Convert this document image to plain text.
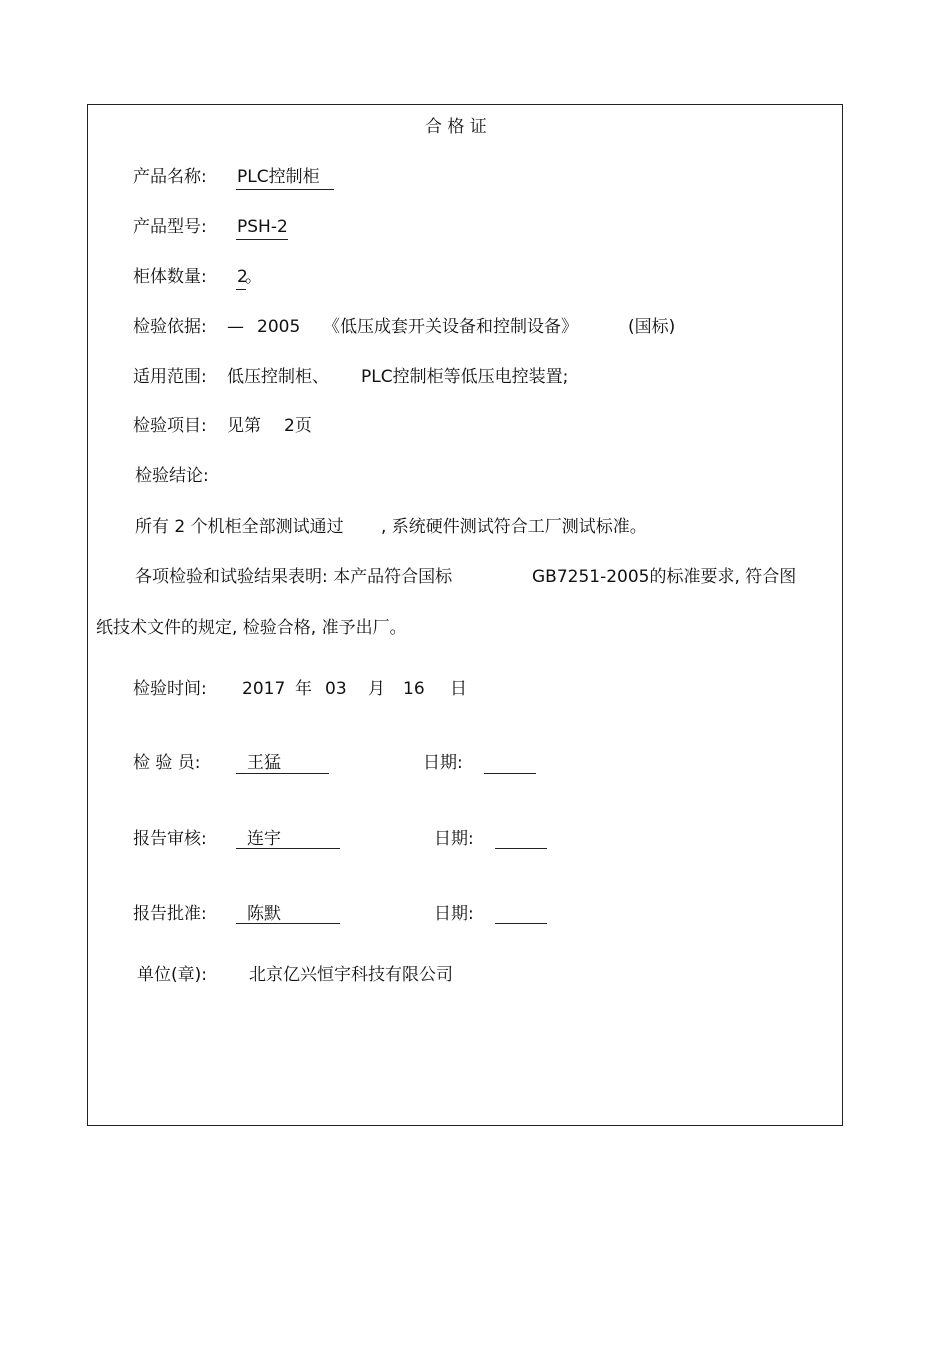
合 格 证
产品名称: PLC控制柜
产品型号: PSH-2
柜体数量: 2
。
检验依据: — 2005 《低压成套开关设备和控制设备》	(国标)
适用范围: 低压控制柜、 PLC控制柜等低压电控装置;
检验项目: 见第 2页
检验结论:
所有 2 个机柜全部测试通过 , 系统硬件测试符合工厂测试标准。
各项检验和试验结果表明: 本产品符合国标	GB7251-2005的标准要求, 符合图
纸技术文件的规定, 检验合格, 准予出厂。
检验时间: 2017 年 03 月 16 日
检 验 员:	王猛	日期:
报告审核: 连宇	日期:
报告批准: 陈默	日期:
单位(章): 北京亿兴恒宇科技有限公司
